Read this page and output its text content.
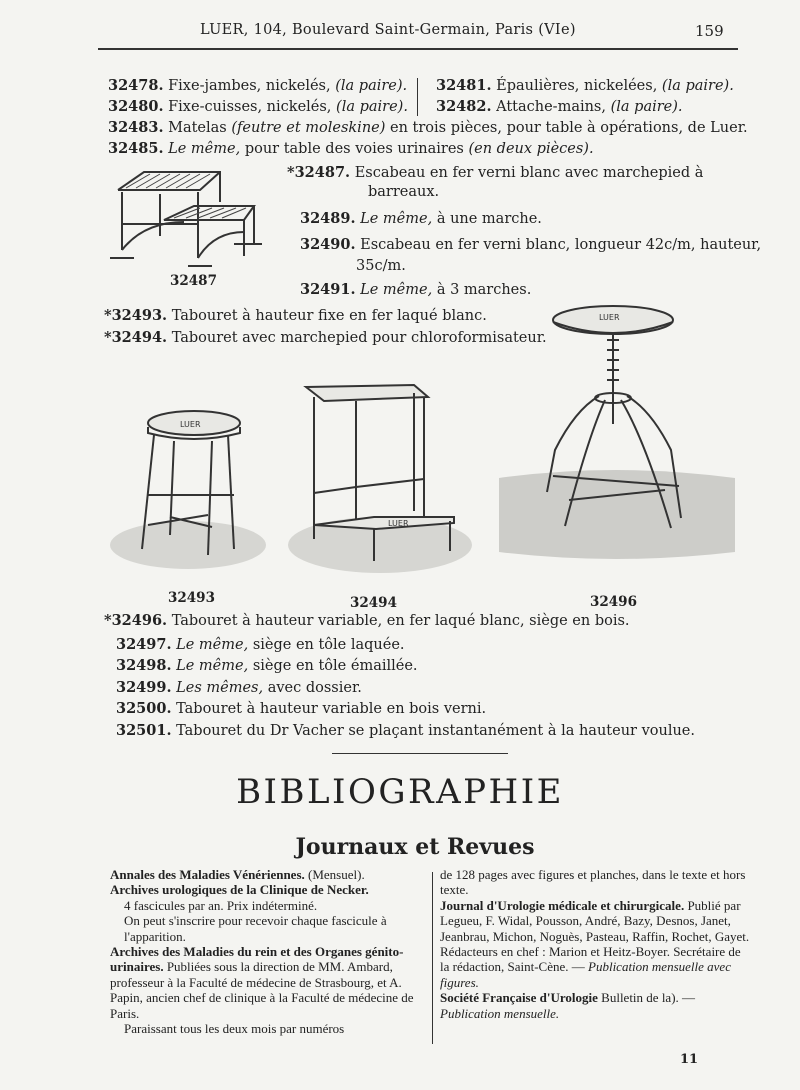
LUER, 104, Boulevard Saint-Germain, Paris (VIe)	159
32478. Fixe-jambes, nickelés, (la paire). 32481. Épaulières, nickelées, (la paire).
32480. Fixe-cuisses, nickelés, (la paire). 32482. Attache-mains, (la paire).
32483. Matelas (feutre et moleskine) en trois pièces, pour table à opérations, de Luer.
32485. Le même, pour table des voies urinaires (en deux pièces).
*32487. Escabeau en fer verni blanc avec marchepied à
barreaux.
32489. Le même, à une marche.
32490. Escabeau en fer verni blanc, longueur 42c/m, hauteur,
35c/m.
32491. Le même, à 3 marches.
32487
*32493. Tabouret à hauteur fixe en fer laqué blanc.
*32494. Tabouret avec marchepied pour chloroformisateur.
LUER
32493
LUER
32494
LUER
32496
*32496. Tabouret à hauteur variable, en fer laqué blanc, siège en bois.
32497. Le même, siège en tôle laquée.
32498. Le même, siège en tôle émaillée.
32499. Les mêmes, avec dossier.
32500. Tabouret à hauteur variable en bois verni.
32501. Tabouret du Dr Vacher se plaçant instantanément à la hauteur voulue.
BIBLIOGRAPHIE
Journaux et Revues

Annales des Maladies Vénériennes. (Mensuel).

Archives urologiques de la Clinique de Necker.

4 fascicules par an. Prix indéterminé.

On peut s'inscrire pour recevoir chaque fascicule à l'apparition.

Archives des Maladies du rein et des Organes génito-urinaires. Publiées sous la direction de MM. Ambard, professeur à la Faculté de médecine de Strasbourg, et A. Papin, ancien chef de clinique à la Faculté de médecine de Paris.

Paraissant tous les deux mois par numéros

de 128 pages avec figures et planches, dans le texte et hors texte.

Journal d'Urologie médicale et chirurgicale. Publié par Legueu, F. Widal, Pousson, André, Bazy, Desnos, Janet, Jeanbrau, Michon, Noguès, Pasteau, Raffin, Rochet, Gayet. Rédacteurs en chef : Marion et Heitz-Boyer. Secrétaire de la rédaction, Saint-Cène. — Publication mensuelle avec figures.

Société Française d'Urologie Bulletin de la). — Publication mensuelle.

11
